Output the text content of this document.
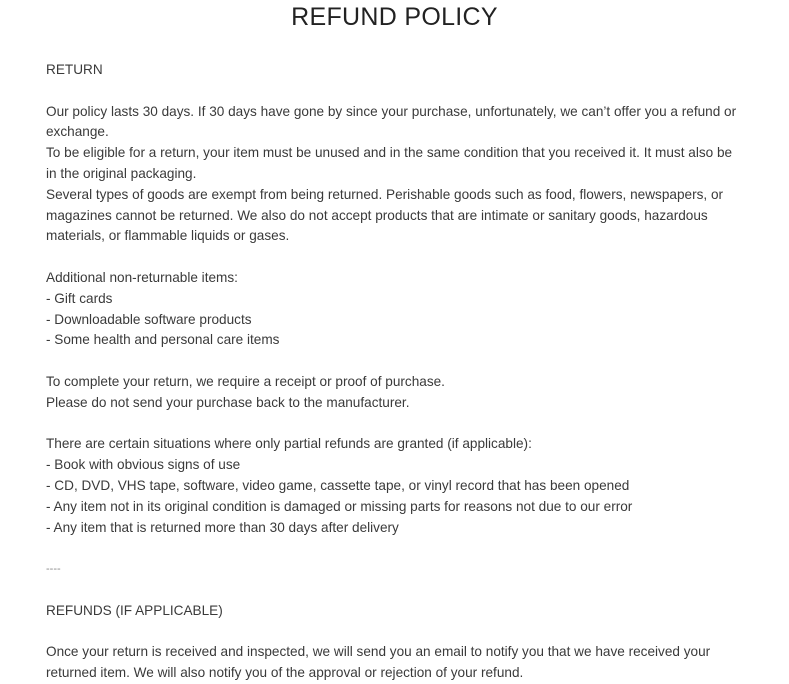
REFUND POLICY
RETURN
Our policy lasts 30 days. If 30 days have gone by since your purchase, unfortunately, we can’t offer you a refund or
exchange.
To be eligible for a return, your item must be unused and in the same condition that you received it. It must also be
in the original packaging.
Several types of goods are exempt from being returned. Perishable goods such as food, flowers, newspapers, or
magazines cannot be returned. We also do not accept products that are intimate or sanitary goods, hazardous
materials, or flammable liquids or gases.
Additional non-returnable items:
- Gift cards
- Downloadable software products
- Some health and personal care items
To complete your return, we require a receipt or proof of purchase.
Please do not send your purchase back to the manufacturer.
There are certain situations where only partial refunds are granted (if applicable):
- Book with obvious signs of use
- CD, DVD, VHS tape, software, video game, cassette tape, or vinyl record that has been opened
- Any item not in its original condition is damaged or missing parts for reasons not due to our error
- Any item that is returned more than 30 days after delivery
----
REFUNDS (IF APPLICABLE)
Once your return is received and inspected, we will send you an email to notify you that we have received your
returned item. We will also notify you of the approval or rejection of your refund.
